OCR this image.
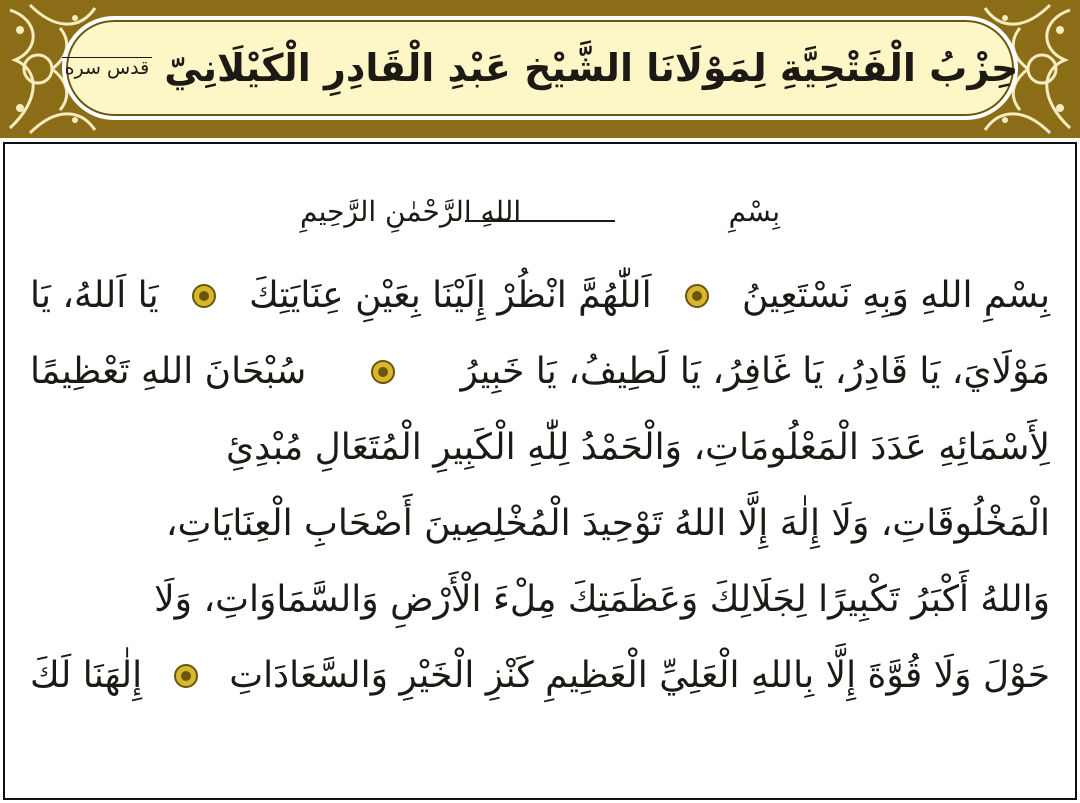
حِزْبُ الْفَتْحِيَّةِ لِمَوْلَانَا الشَّيْخ عَبْدِ الْقَادِرِ الْكَيْلَانِيّ
قدس سره
بِسْمِ
اللهِ الرَّحْمٰنِ الرَّحِيمِ
بِسْمِ اللهِ وَبِهِ نَسْتَعِينُ
اَللّٰهُمَّ انْظُرْ إِلَيْنَا بِعَيْنِ عِنَايَتِكَ
يَا اَللهُ، يَا
مَوْلَايَ، يَا قَادِرُ، يَا غَافِرُ، يَا لَطِيفُ، يَا خَبِيرُ
سُبْحَانَ اللهِ تَعْظِيمًا
لِأَسْمَائِهِ عَدَدَ الْمَعْلُومَاتِ، وَالْحَمْدُ لِلّٰهِ الْكَبِيرِ الْمُتَعَالِ مُبْدِئِ
الْمَخْلُوقَاتِ، وَلَا إِلٰهَ إِلَّا اللهُ تَوْحِيدَ الْمُخْلِصِينَ أَصْحَابِ الْعِنَايَاتِ،
وَاللهُ أَكْبَرُ تَكْبِيرًا لِجَلَالِكَ وَعَظَمَتِكَ مِلْءَ الْأَرْضِ وَالسَّمَاوَاتِ، وَلَا
حَوْلَ وَلَا قُوَّةَ إِلَّا بِاللهِ الْعَلِيِّ الْعَظِيمِ كَنْزِ الْخَيْرِ وَالسَّعَادَاتِ
إِلٰهَنَا لَكَ
